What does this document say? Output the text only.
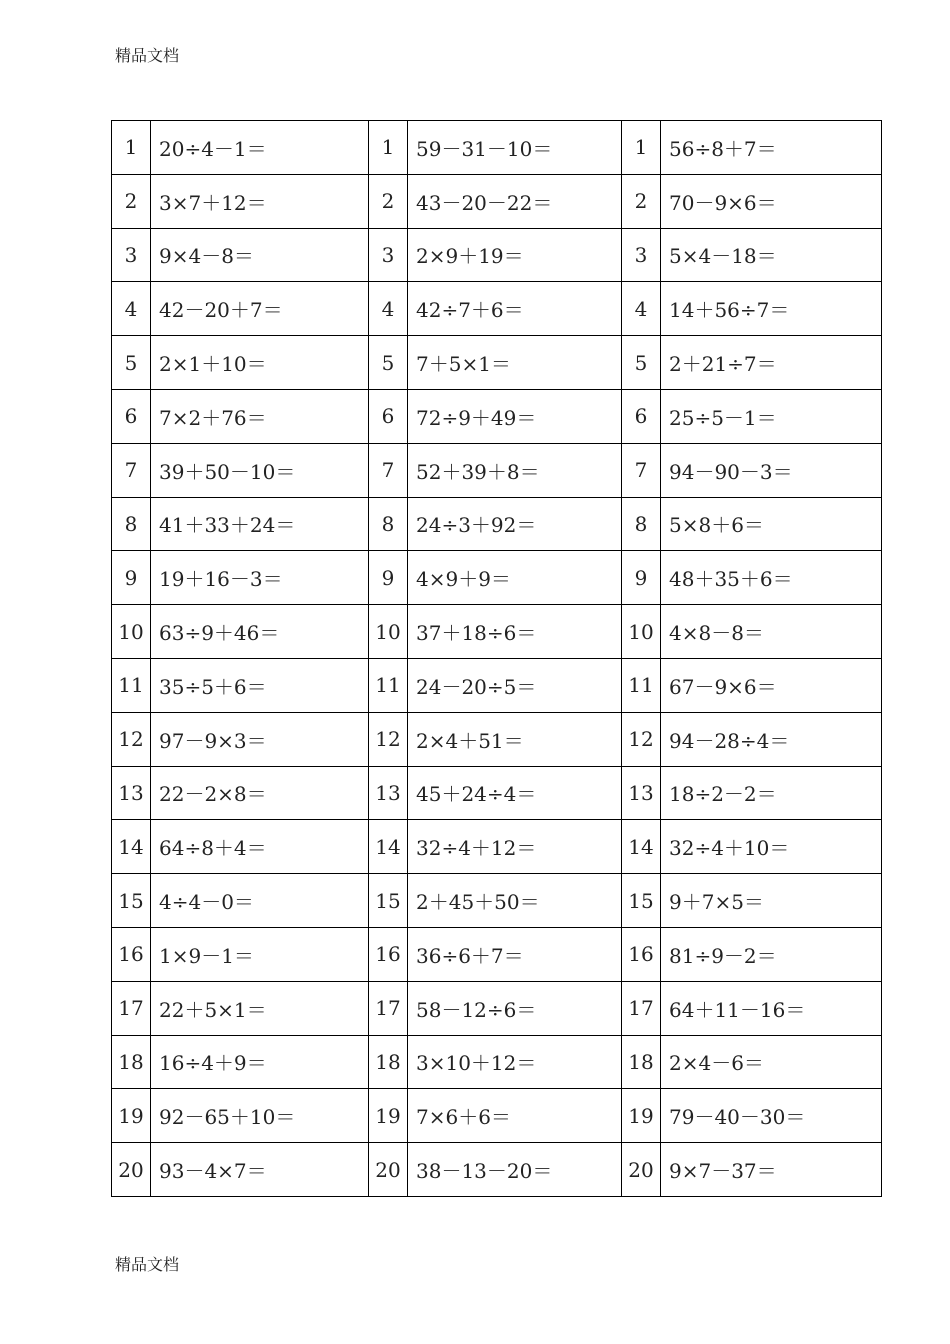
精品文档
1	20÷4－1＝	1	59－31－10＝	1	56÷8＋7＝
2	3×7＋12＝	2	43－20－22＝	2	70－9×6＝
3	9×4－8＝	3	2×9＋19＝	3	5×4－18＝
4	42－20＋7＝	4	42÷7＋6＝	4	14＋56÷7＝
5	2×1＋10＝	5	7＋5×1＝	5	2＋21÷7＝
6	7×2＋76＝	6	72÷9＋49＝	6	25÷5－1＝
7	39＋50－10＝	7	52＋39＋8＝	7	94－90－3＝
8	41＋33＋24＝	8	24÷3＋92＝	8	5×8＋6＝
9	19＋16－3＝	9	4×9＋9＝	9	48＋35＋6＝
10	63÷9＋46＝	10	37＋18÷6＝	10	4×8－8＝
11	35÷5＋6＝	11	24－20÷5＝	11	67－9×6＝
12	97－9×3＝	12	2×4＋51＝	12	94－28÷4＝
13	22－2×8＝	13	45＋24÷4＝	13	18÷2－2＝
14	64÷8＋4＝	14	32÷4＋12＝	14	32÷4＋10＝
15	4÷4－0＝	15	2＋45＋50＝	15	9＋7×5＝
16	1×9－1＝	16	36÷6＋7＝	16	81÷9－2＝
17	22＋5×1＝	17	58－12÷6＝	17	64＋11－16＝
18	16÷4＋9＝	18	3×10＋12＝	18	2×4－6＝
19	92－65＋10＝	19	7×6＋6＝	19	79－40－30＝
20	93－4×7＝	20	38－13－20＝	20	9×7－37＝
精品文档
